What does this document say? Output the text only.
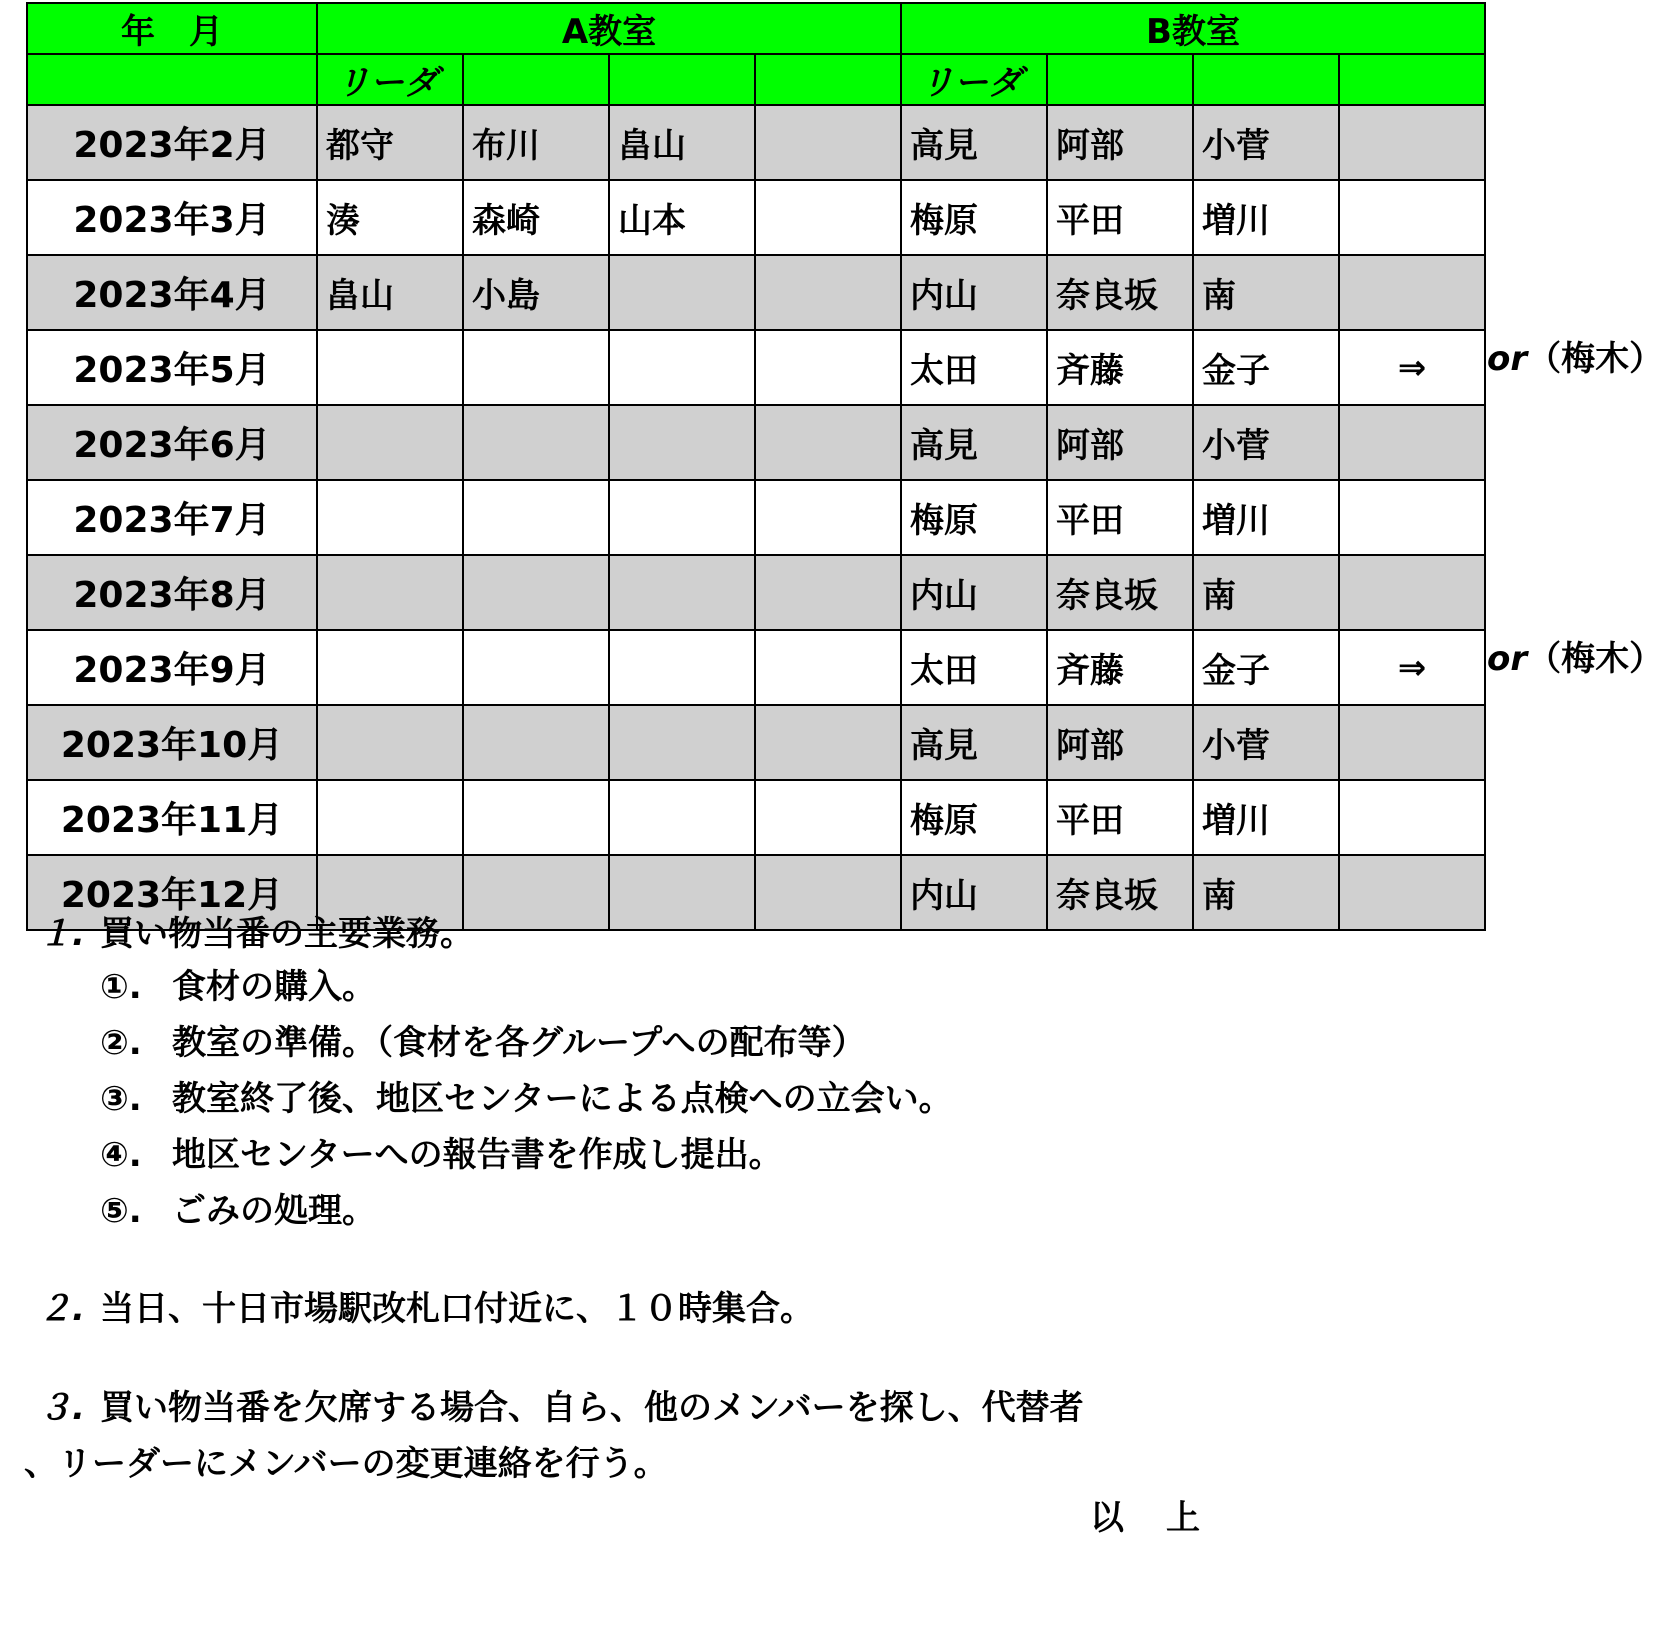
年　月	A教室				B教室			
	リーダ				リーダ			
2023年2月	都守	布川	畠山		高見	阿部	小菅	
2023年3月	湊	森崎	山本		梅原	平田	増川	
2023年4月	畠山	小島			内山	奈良坂	南	
2023年5月					太田	斉藤	金子	⇒
2023年6月					高見	阿部	小菅	
2023年7月					梅原	平田	増川	
2023年8月					内山	奈良坂	南	
2023年9月					太田	斉藤	金子	⇒
2023年10月					高見	阿部	小菅	
2023年11月					梅原	平田	増川	
2023年12月					内山	奈良坂	南	
or（梅木）
or（梅木）
１. 買い物当番の主要業務。
①. 食材の購入。
②. 教室の準備。（食材を各グループへの配布等）
③. 教室終了後、地区センターによる点検への立会い。
④. 地区センターへの報告書を作成し提出。
⑤. ごみの処理。
２. 当日、十日市場駅改札口付近に、１０時集合。
３. 買い物当番を欠席する場合、自ら、他のメンバーを探し、代替者
、リーダーにメンバーの変更連絡を行う。
以　上
